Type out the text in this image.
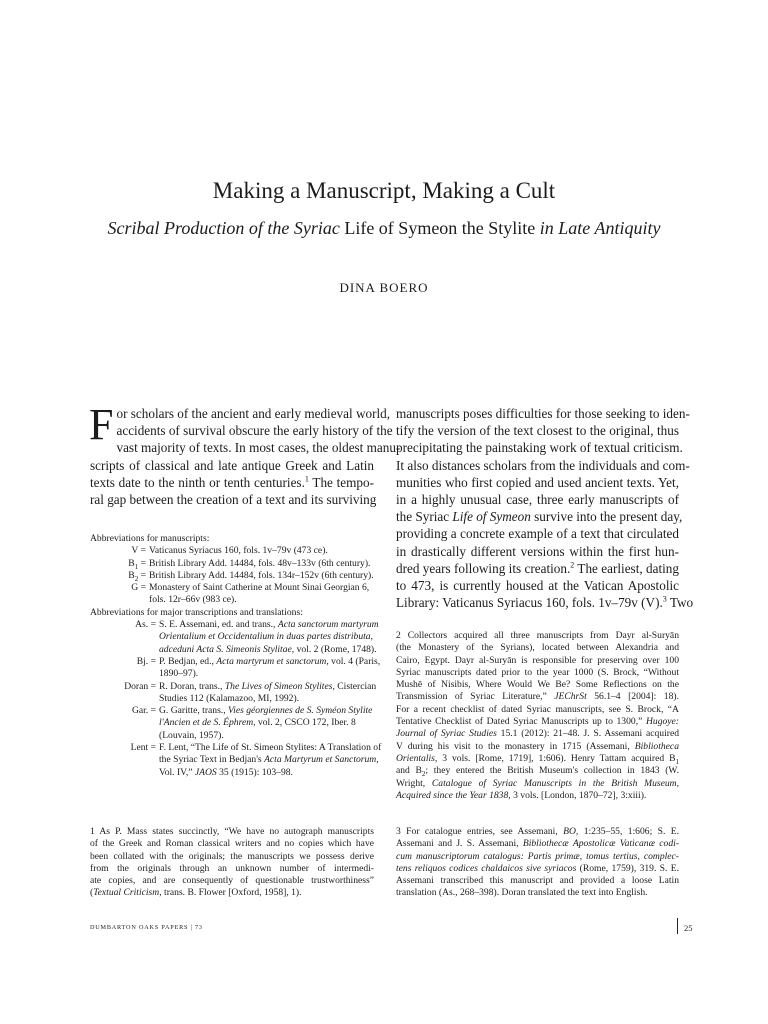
Making a Manuscript, Making a Cult
Scribal Production of the Syriac Life of Symeon the Stylite in Late Antiquity
DINA BOERO
F or scholars of the ancient and early medieval world,
accidents of survival obscure the early history of the
vast majority of texts. In most cases, the oldest manu-
scripts of classical and late antique Greek and Latin
texts date to the ninth or tenth centuries.$^1$ The tempo-
ral gap between the creation of a text and its surviving
manuscripts poses difficulties for those seeking to iden-
tify the version of the text closest to the original, thus
precipitating the painstaking work of textual criticism.
It also distances scholars from the individuals and com-
munities who first copied and used ancient texts. Yet,
in a highly unusual case, three early manuscripts of
the Syriac Life of Symeon survive into the present day,
providing a concrete example of a text that circulated
in drastically different versions within the first hun-
dred years following its creation.$^2$ The earliest, dating
to 473, is currently housed at the Vatican Apostolic
Library: Vaticanus Syriacus 160, fols. 1v–79v (V).$^3$ Two
Abbreviations for manuscripts:
V = Vaticanus Syriacus 160, fols. 1v–79v (473 ce).
$B_1$ = British Library Add. 14484, fols. 48v–133v (6th century).
$B_2$ = British Library Add. 14484, fols. 134r–152v (6th century).
G = Monastery of Saint Catherine at Mount Sinai Georgian 6,
fols. 12r–66v (983 ce).
Abbreviations for major transcriptions and translations:
As. = S. E. Assemani, ed. and trans., Acta sanctorum martyrum
Orientalium et Occidentalium in duas partes distributa,
adceduni Acta S. Simeonis Stylitae, vol. 2 (Rome, 1748).
Bj. = P. Bedjan, ed., Acta martyrum et sanctorum, vol. 4 (Paris,
1890–97).
Doran = R. Doran, trans., The Lives of Simeon Stylites, Cistercian
Studies 112 (Kalamazoo, MI, 1992).
Gar. = G. Garitte, trans., Vies géorgiennes de S. Syméon Stylite
l'Ancien et de S. Éphrem, vol. 2, CSCO 172, Iber. 8
(Louvain, 1957).
Lent = F. Lent, “The Life of St. Simeon Stylites: A Translation of
the Syriac Text in Bedjan's Acta Martyrum et Sanctorum,
Vol. IV,” JAOS 35 (1915): 103–98.
1 As P. Mass states succinctly, “We have no autograph manuscripts
of the Greek and Roman classical writers and no copies which have
been collated with the originals; the manuscripts we possess derive
from the originals through an unknown number of intermedi-
ate copies, and are consequently of questionable trustworthiness”
(Textual Criticism, trans. B. Flower [Oxford, 1958], 1).
2 Collectors acquired all three manuscripts from Dayr al-Suryān
(the Monastery of the Syrians), located between Alexandria and
Cairo, Egypt. Dayr al-Suryān is responsible for preserving over 100
Syriac manuscripts dated prior to the year 1000 (S. Brock, “Without
Mushē of Nisibis, Where Would We Be? Some Reflections on the
Transmission of Syriac Literature,” JEChrSt 56.1–4 [2004]: 18).
For a recent checklist of dated Syriac manuscripts, see S. Brock, “A
Tentative Checklist of Dated Syriac Manuscripts up to 1300,” Hugoye:
Journal of Syriac Studies 15.1 (2012): 21–48. J. S. Assemani acquired
V during his visit to the monastery in 1715 (Assemani, Bibliotheca
Orientalis, 3 vols. [Rome, 1719], 1:606). Henry Tattam acquired $B_1$
and $B_2$; they entered the British Museum's collection in 1843 (W.
Wright, Catalogue of Syriac Manuscripts in the British Museum,
Acquired since the Year 1838, 3 vols. [London, 1870–72], 3:xiii).
3 For catalogue entries, see Assemani, BO, 1:235–55, 1:606; S. E.
Assemani and J. S. Assemani, Bibliothecæ Apostolicæ Vaticanæ codi-
cum manuscriptorum catalogus: Partis primæ, tomus tertius, complec-
tens reliquos codices chaldaicos sive syriacos (Rome, 1759), 319. S. E.
Assemani transcribed this manuscript and provided a loose Latin
translation (As., 268–398). Doran translated the text into English.
DUMBARTON OAKS PAPERS | 73	25
